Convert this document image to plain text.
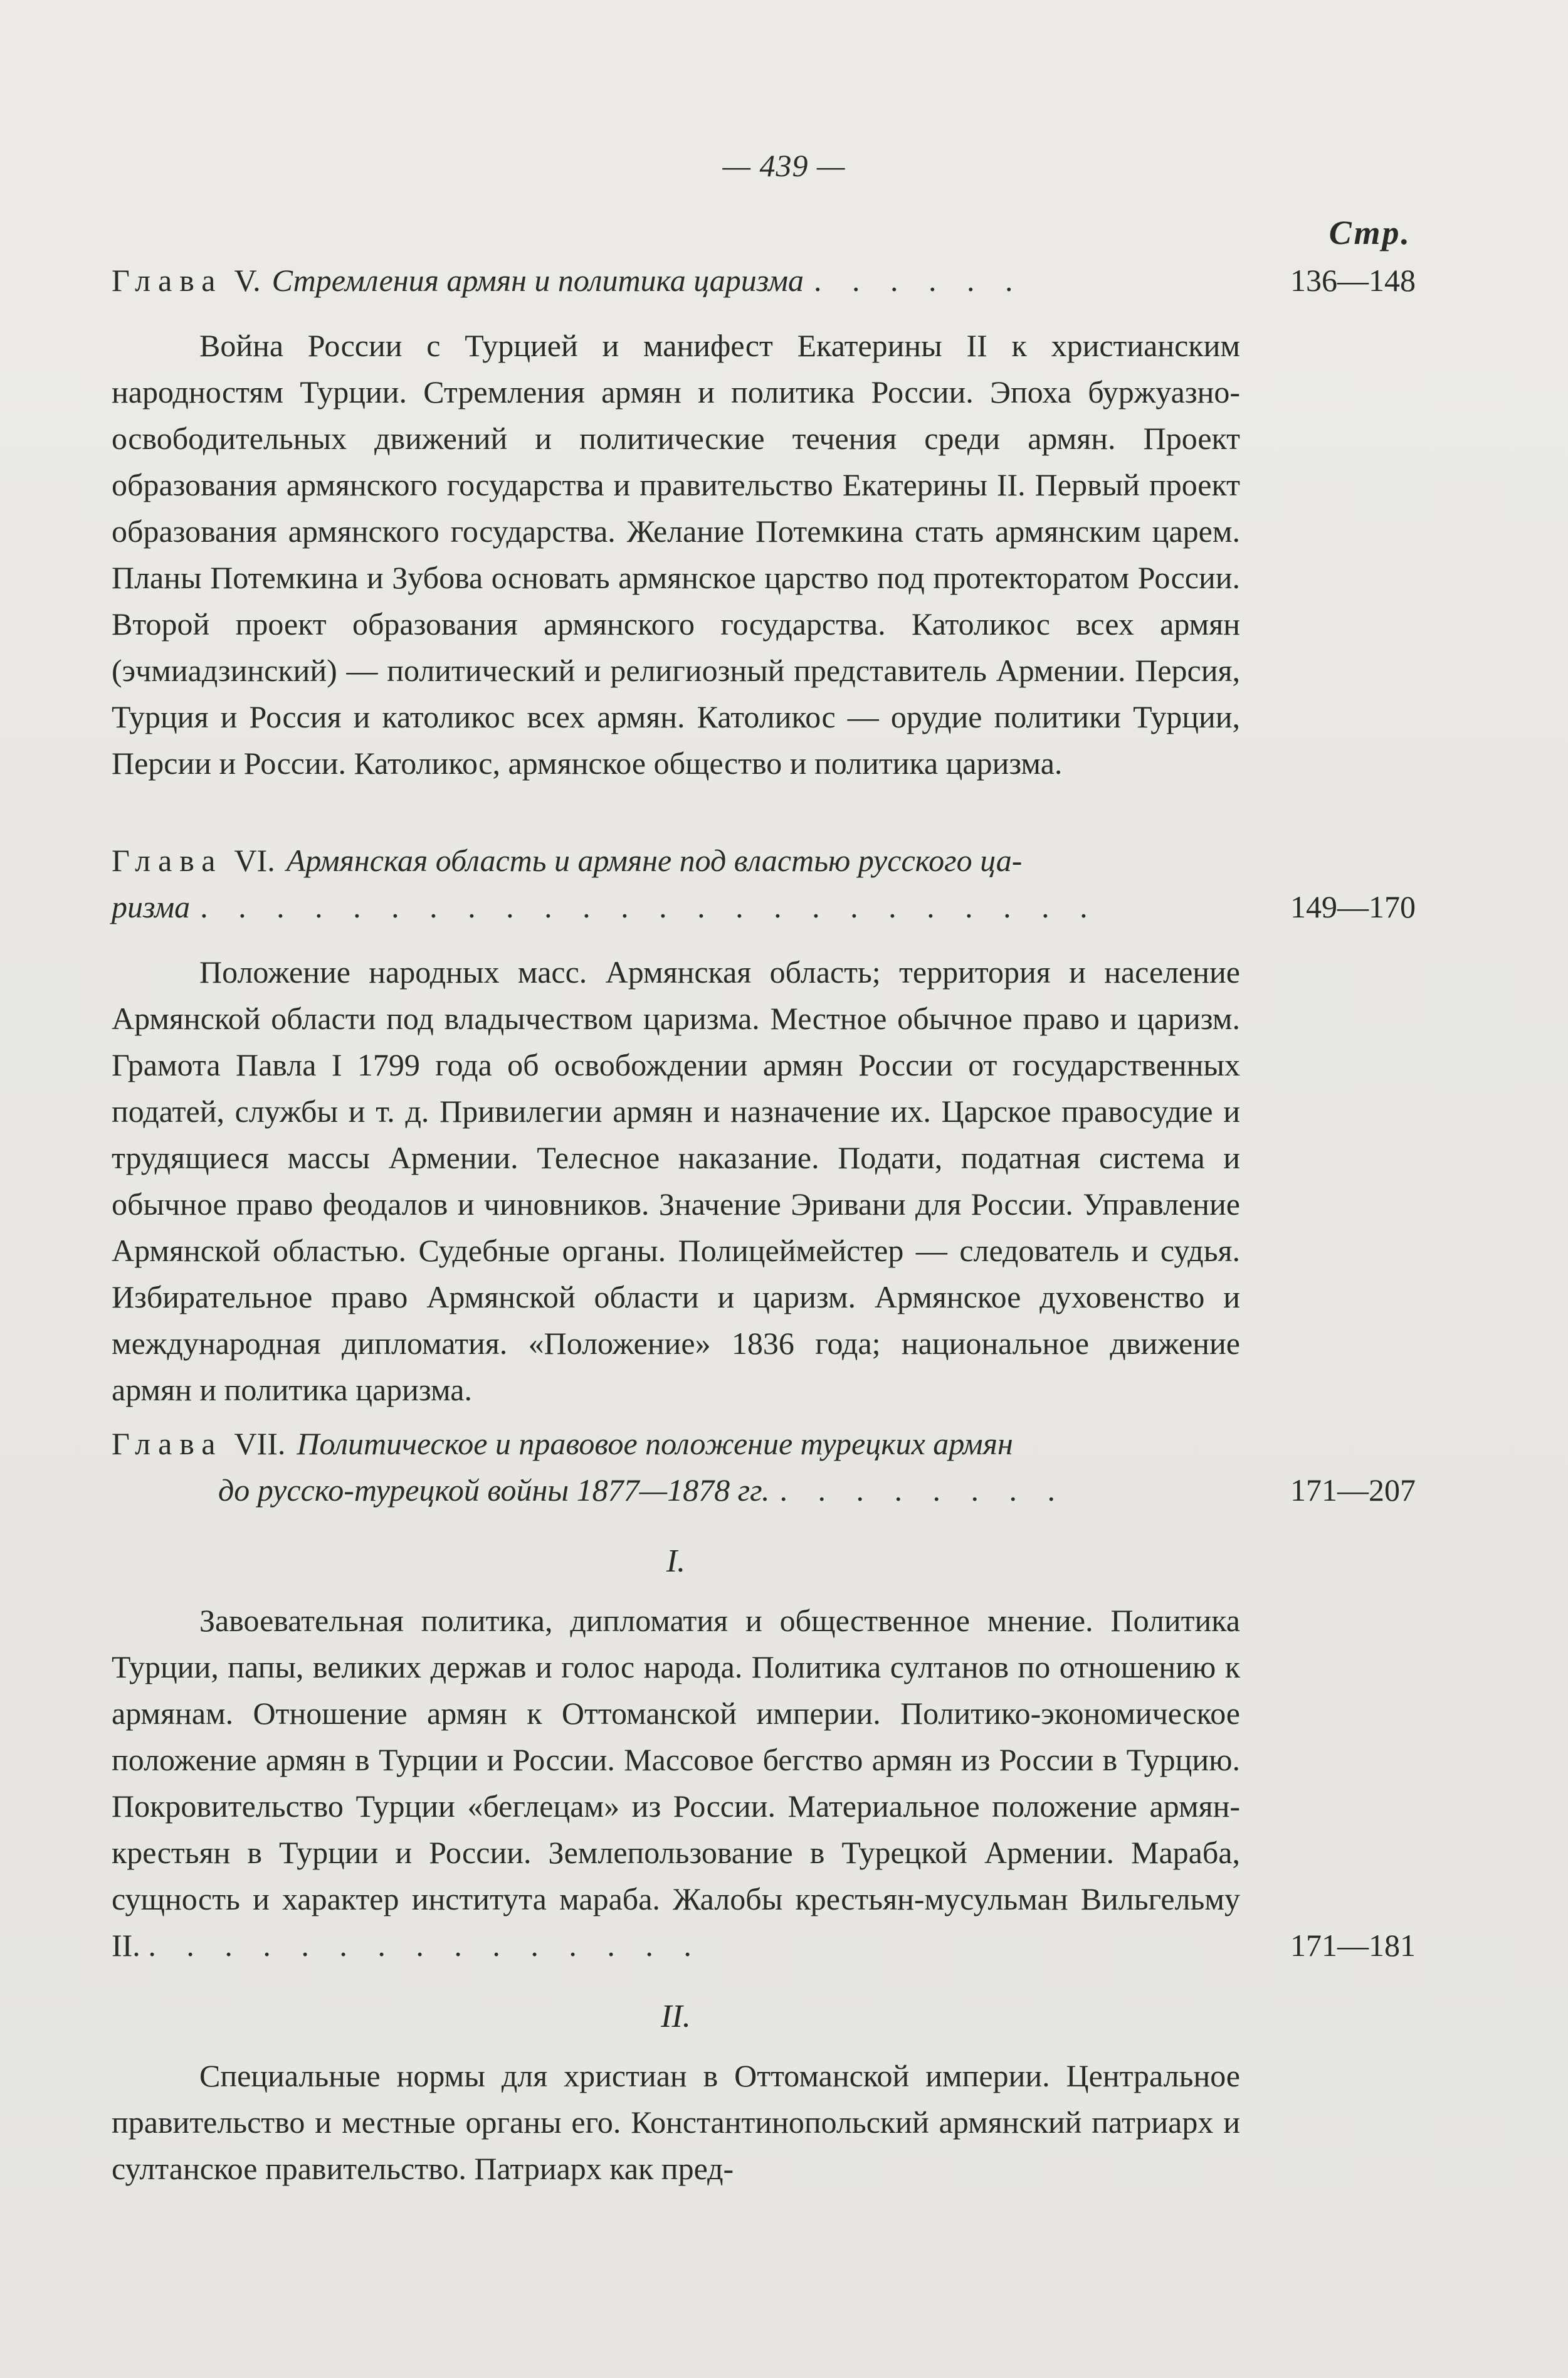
— 439 —
Стр.
Глава V. Стремления армян и политика царизма . . . . . .	136—148

Война России с Турцией и манифест Екатерины II к христианским народностям Турции. Стремления армян и политика России. Эпоха буржуазно-освободительных движений и политические течения среди армян. Проект образования армянского государства и правительство Екатерины II. Первый проект образования армянского государства. Желание Потемкина стать армянским царем. Планы Потемкина и Зубова основать армянское царство под протекторатом России. Второй проект образования армянского государства. Католикос всех армян (эчмиадзинский) — политический и религиозный представитель Армении. Персия, Турция и Россия и католикос всех армян. Католикос — орудие политики Турции, Персии и России. Католикос, армянское общество и политика царизма.

Глава VI. Армянская область и армяне под властью русского ца-
ризма . . . . . . . . . . . . . . . . . . . . . . . .	149—170

Положение народных масс. Армянская область; территория и население Армянской области под владычеством царизма. Местное обычное право и царизм. Грамота Павла I 1799 года об освобождении армян России от государственных податей, службы и т. д. Привилегии армян и назначение их. Царское правосудие и трудящиеся массы Армении. Телесное наказание. Подати, податная система и обычное право феодалов и чиновников. Значение Эривани для России. Управление Армянской областью. Судебные органы. Полицеймейстер — следователь и судья. Избирательное право Армянской области и царизм. Армянское духовенство и международная дипломатия. «Положение» 1836 года; национальное движение армян и политика царизма.

Глава VII. Политическое и правовое положение турецких армян
до русско-турецкой войны 1877—1878 гг. . . . . . . . .	171—207
I.

Завоевательная политика, дипломатия и общественное мнение. Политика Турции, папы, великих держав и голос народа. Политика султанов по отношению к армянам. Отношение армян к Оттоманской империи. Политико-экономическое положение армян в Турции и России. Массовое бегство армян из России в Турцию. Покровительство Турции «беглецам» из России. Материальное положение армян-крестьян в Турции и России. Землепользование в Турецкой Армении. Мараба, сущность и характер института мараба. Жалобы крестьян-мусульман Вильгельму II. . . . . . . . . . . . . . . .	171—181
II.

Специальные нормы для христиан в Оттоманской империи. Центральное правительство и местные органы его. Константинопольский армянский патриарх и султанское правительство. Патриарх как пред-
